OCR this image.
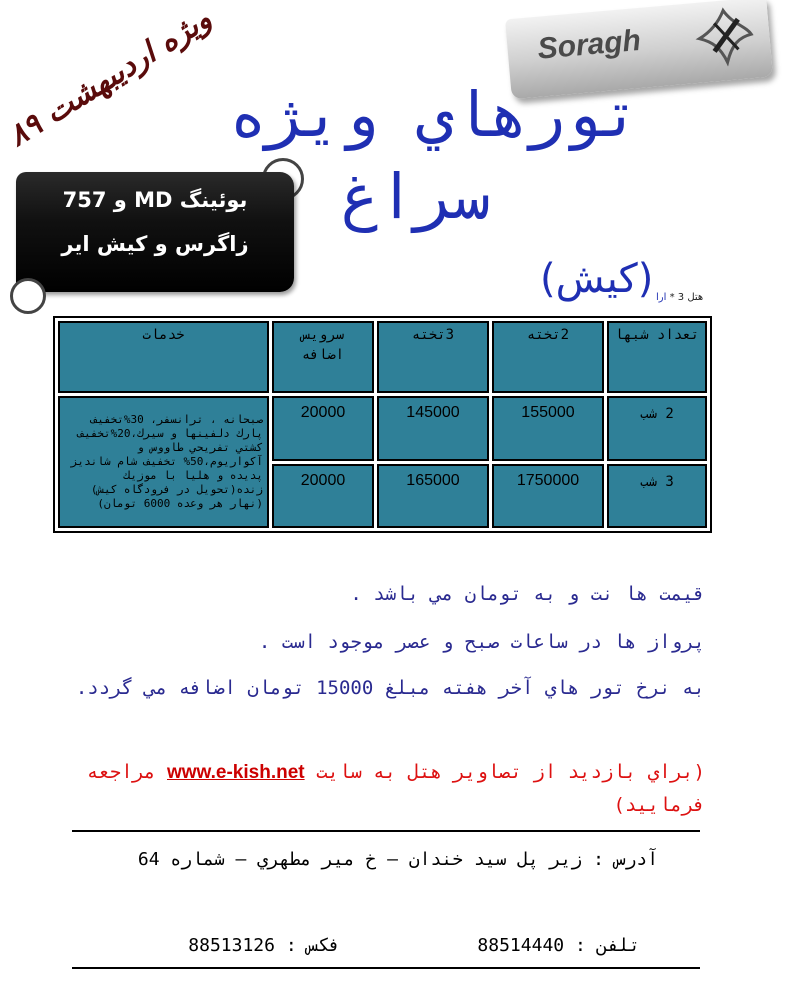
Soragh
ویژه اردیبهشت ۸۹ تورهاي ويژه
سراغ
بوئینگ MD و 757
زاگرس و کیش ایر
(كيش)	هتل 3 * ارا
تعداد شبها	2تخته	3تخته	سرويس اضافه	خدمات
2 شب	155000	145000	20000	صبحانه ، ترانسفر، 30%تخفيف پارك دلفينها و سيرك،20%تخفيف كشتي تفريحي طاووس و آكواريوم،50% تخفيف شام شانديز پديده و هليا با موزيك زنده(تحويل در فرودگاه كيش) (نهار هر وعده 6000 تومان)
3 شب	1750000	165000	20000	
قيمت ها نت و به تومان مي باشد .
پرواز ها در ساعات صبح و عصر موجود است .
به نرخ تور هاي آخر هفته مبلغ 15000 تومان اضافه مي گردد.
(براي بازديد از تصاوير هتل به سايت www.e-kish.net مراجعه فرماييد)
آدرس : زير پل سيد خندان – خ مير مطهري – شماره 64
تلفن : 88514440
فكس : 88513126
